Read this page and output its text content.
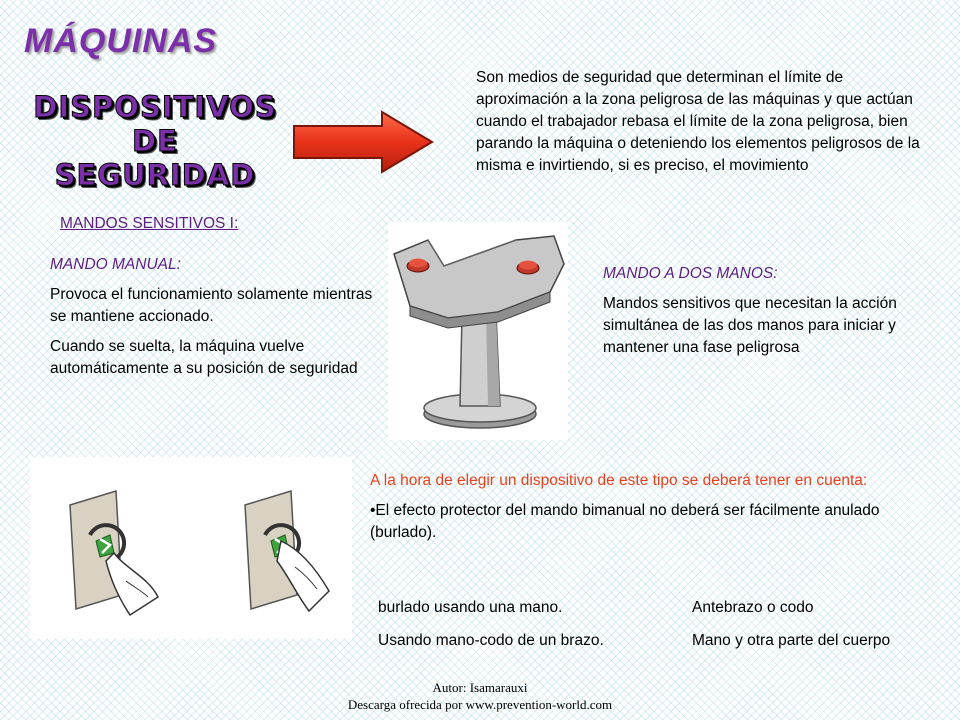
MÁQUINAS
DISPOSITIVOS DE
SEGURIDAD
Son medios de seguridad que determinan el límite de aproximación a la zona peligrosa de las máquinas y que actúan cuando el trabajador rebasa el límite de la zona peligrosa, bien parando la máquina o deteniendo los elementos peligrosos de la misma e invirtiendo, si es preciso, el movimiento
MANDOS SENSITIVOS I:

MANDO MANUAL:

Provoca el funcionamiento solamente mientras se mantiene accionado.

Cuando se suelta, la máquina vuelve automáticamente a su posición de seguridad

MANDO A DOS MANOS:

Mandos sensitivos que necesitan la acción simultánea de las dos manos para iniciar y mantener una fase peligrosa

A la hora de elegir un dispositivo de este tipo se deberá tener en cuenta:

•El efecto protector del mando bimanual no deberá ser fácilmente anulado (burlado).

burlado usando una mano.
Usando mano-codo de un brazo.
Antebrazo o codo
Mano y otra parte del cuerpo
Autor: Isamarauxi
Descarga ofrecida por www.prevention-world.com
